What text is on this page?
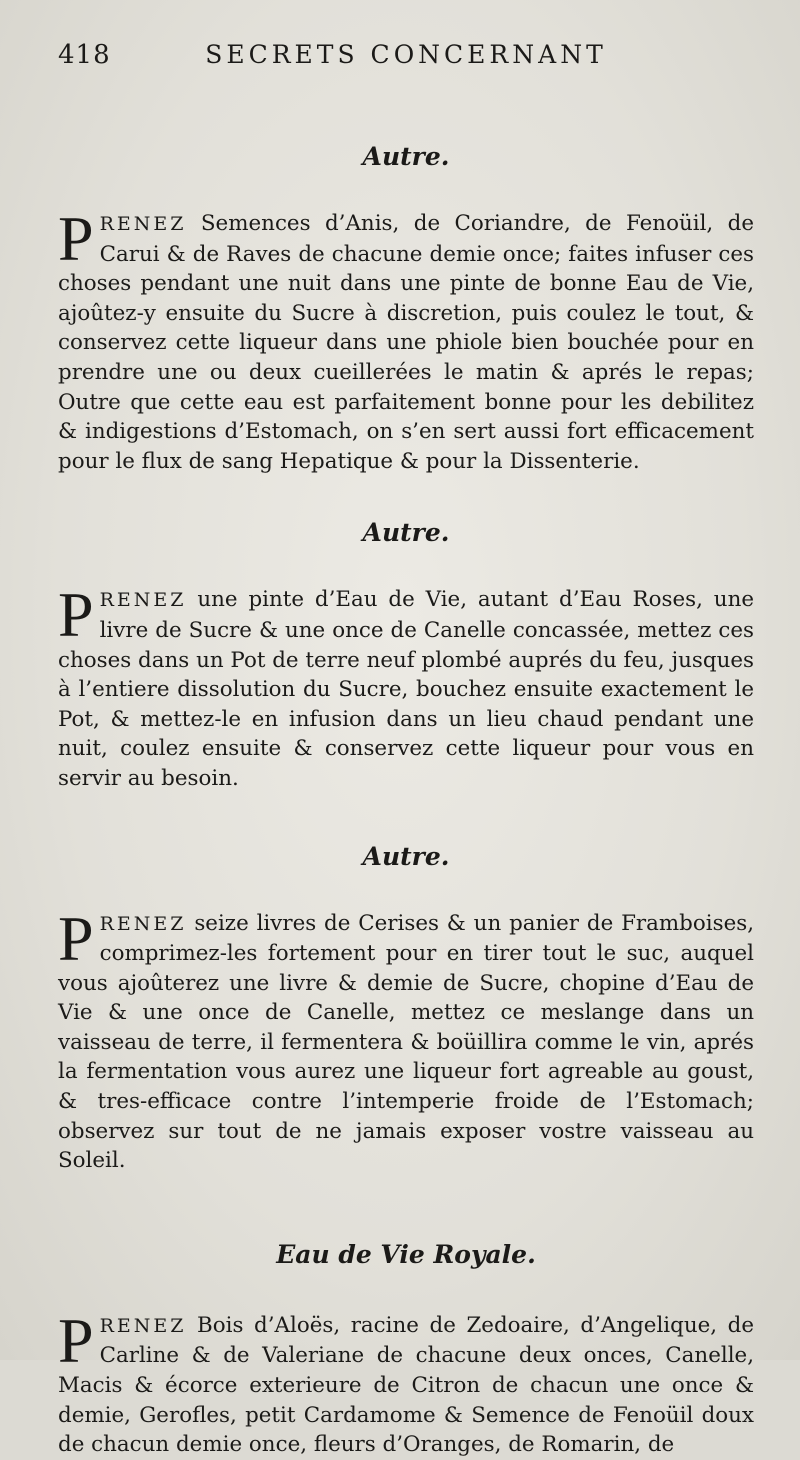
418	SECRETS CONCERNANT
Autre.

PRENEZ Semences d’Anis, de Coriandre, de Fenoüil, de Carui & de Raves de chacune demie once; faites infuser ces choses pendant une nuit dans une pinte de bonne Eau de Vie, ajoûtez-y ensuite du Sucre à discretion, puis coulez le tout, & conservez cette liqueur dans une phiole bien bouchée pour en prendre une ou deux cueillerées le matin & aprés le repas; Outre que cette eau est parfaitement bonne pour les debilitez & indigestions d’Estomach, on s’en sert aussi fort efficacement pour le flux de sang Hepatique & pour la Dissenterie.

Autre.

PRENEZ une pinte d’Eau de Vie, autant d’Eau Roses, une livre de Sucre & une once de Canelle concassée, mettez ces choses dans un Pot de terre neuf plombé auprés du feu, jusques à l’entiere dissolution du Sucre, bouchez ensuite exactement le Pot, & mettez-le en infusion dans un lieu chaud pendant une nuit, coulez ensuite & conservez cette liqueur pour vous en servir au besoin.

Autre.

PRENEZ seize livres de Cerises & un panier de Framboises, comprimez-les fortement pour en tirer tout le suc, auquel vous ajoûterez une livre & demie de Sucre, chopine d’Eau de Vie & une once de Canelle, mettez ce meslange dans un vaisseau de terre, il fermentera & boüillira comme le vin, aprés la fermentation vous aurez une liqueur fort agreable au goust, & tres-efficace contre l’intemperie froide de l’Estomach; observez sur tout de ne jamais exposer vostre vaisseau au Soleil.

Eau de Vie Royale.

PRENEZ Bois d’Aloës, racine de Zedoaire, d’Angelique, de Carline & de Valeriane de chacune deux onces, Canelle, Macis & écorce exterieure de Citron de chacun une once & demie, Gerofles, petit Cardamome & Semence de Fenoüil doux de chacun demie once, fleurs d’Oranges, de Romarin, de
